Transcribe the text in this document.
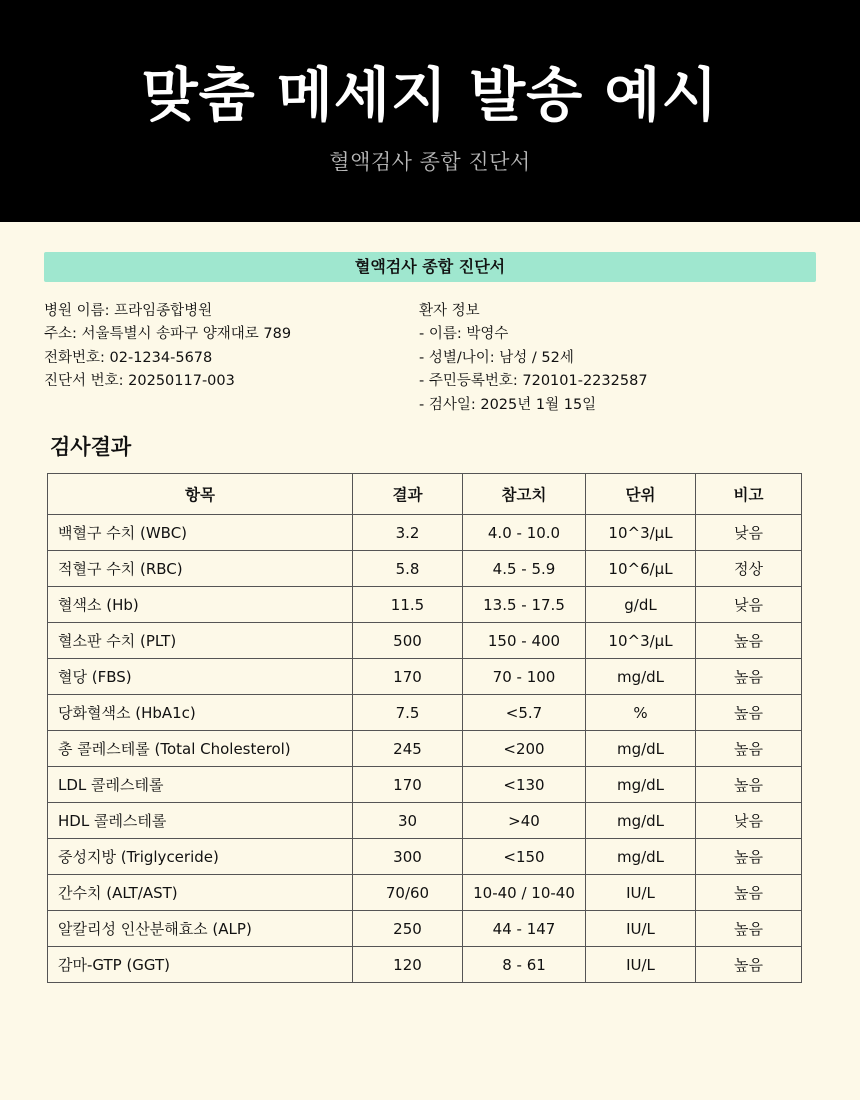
맞춤 메세지 발송 예시
혈액검사 종합 진단서
혈액검사 종합 진단서
병원 이름: 프라임종합병원
주소: 서울특별시 송파구 양재대로 789
전화번호: 02-1234-5678
진단서 번호: 20250117-003
환자 정보
- 이름: 박영수
- 성별/나이: 남성 / 52세
- 주민등록번호: 720101-2232587
- 검사일: 2025년 1월 15일
검사결과
항목	결과	참고치	단위	비고
백혈구 수치 (WBC)	3.2	4.0 - 10.0	10^3/µL	낮음
적혈구 수치 (RBC)	5.8	4.5 - 5.9	10^6/µL	정상
혈색소 (Hb)	11.5	13.5 - 17.5	g/dL	낮음
혈소판 수치 (PLT)	500	150 - 400	10^3/µL	높음
혈당 (FBS)	170	70 - 100	mg/dL	높음
당화혈색소 (HbA1c)	7.5	<5.7	%	높음
총 콜레스테롤 (Total Cholesterol)	245	<200	mg/dL	높음
LDL 콜레스테롤	170	<130	mg/dL	높음
HDL 콜레스테롤	30	>40	mg/dL	낮음
중성지방 (Triglyceride)	300	<150	mg/dL	높음
간수치 (ALT/AST)	70/60	10-40 / 10-40	IU/L	높음
알칼리성 인산분해효소 (ALP)	250	44 - 147	IU/L	높음
감마-GTP (GGT)	120	8 - 61	IU/L	높음
